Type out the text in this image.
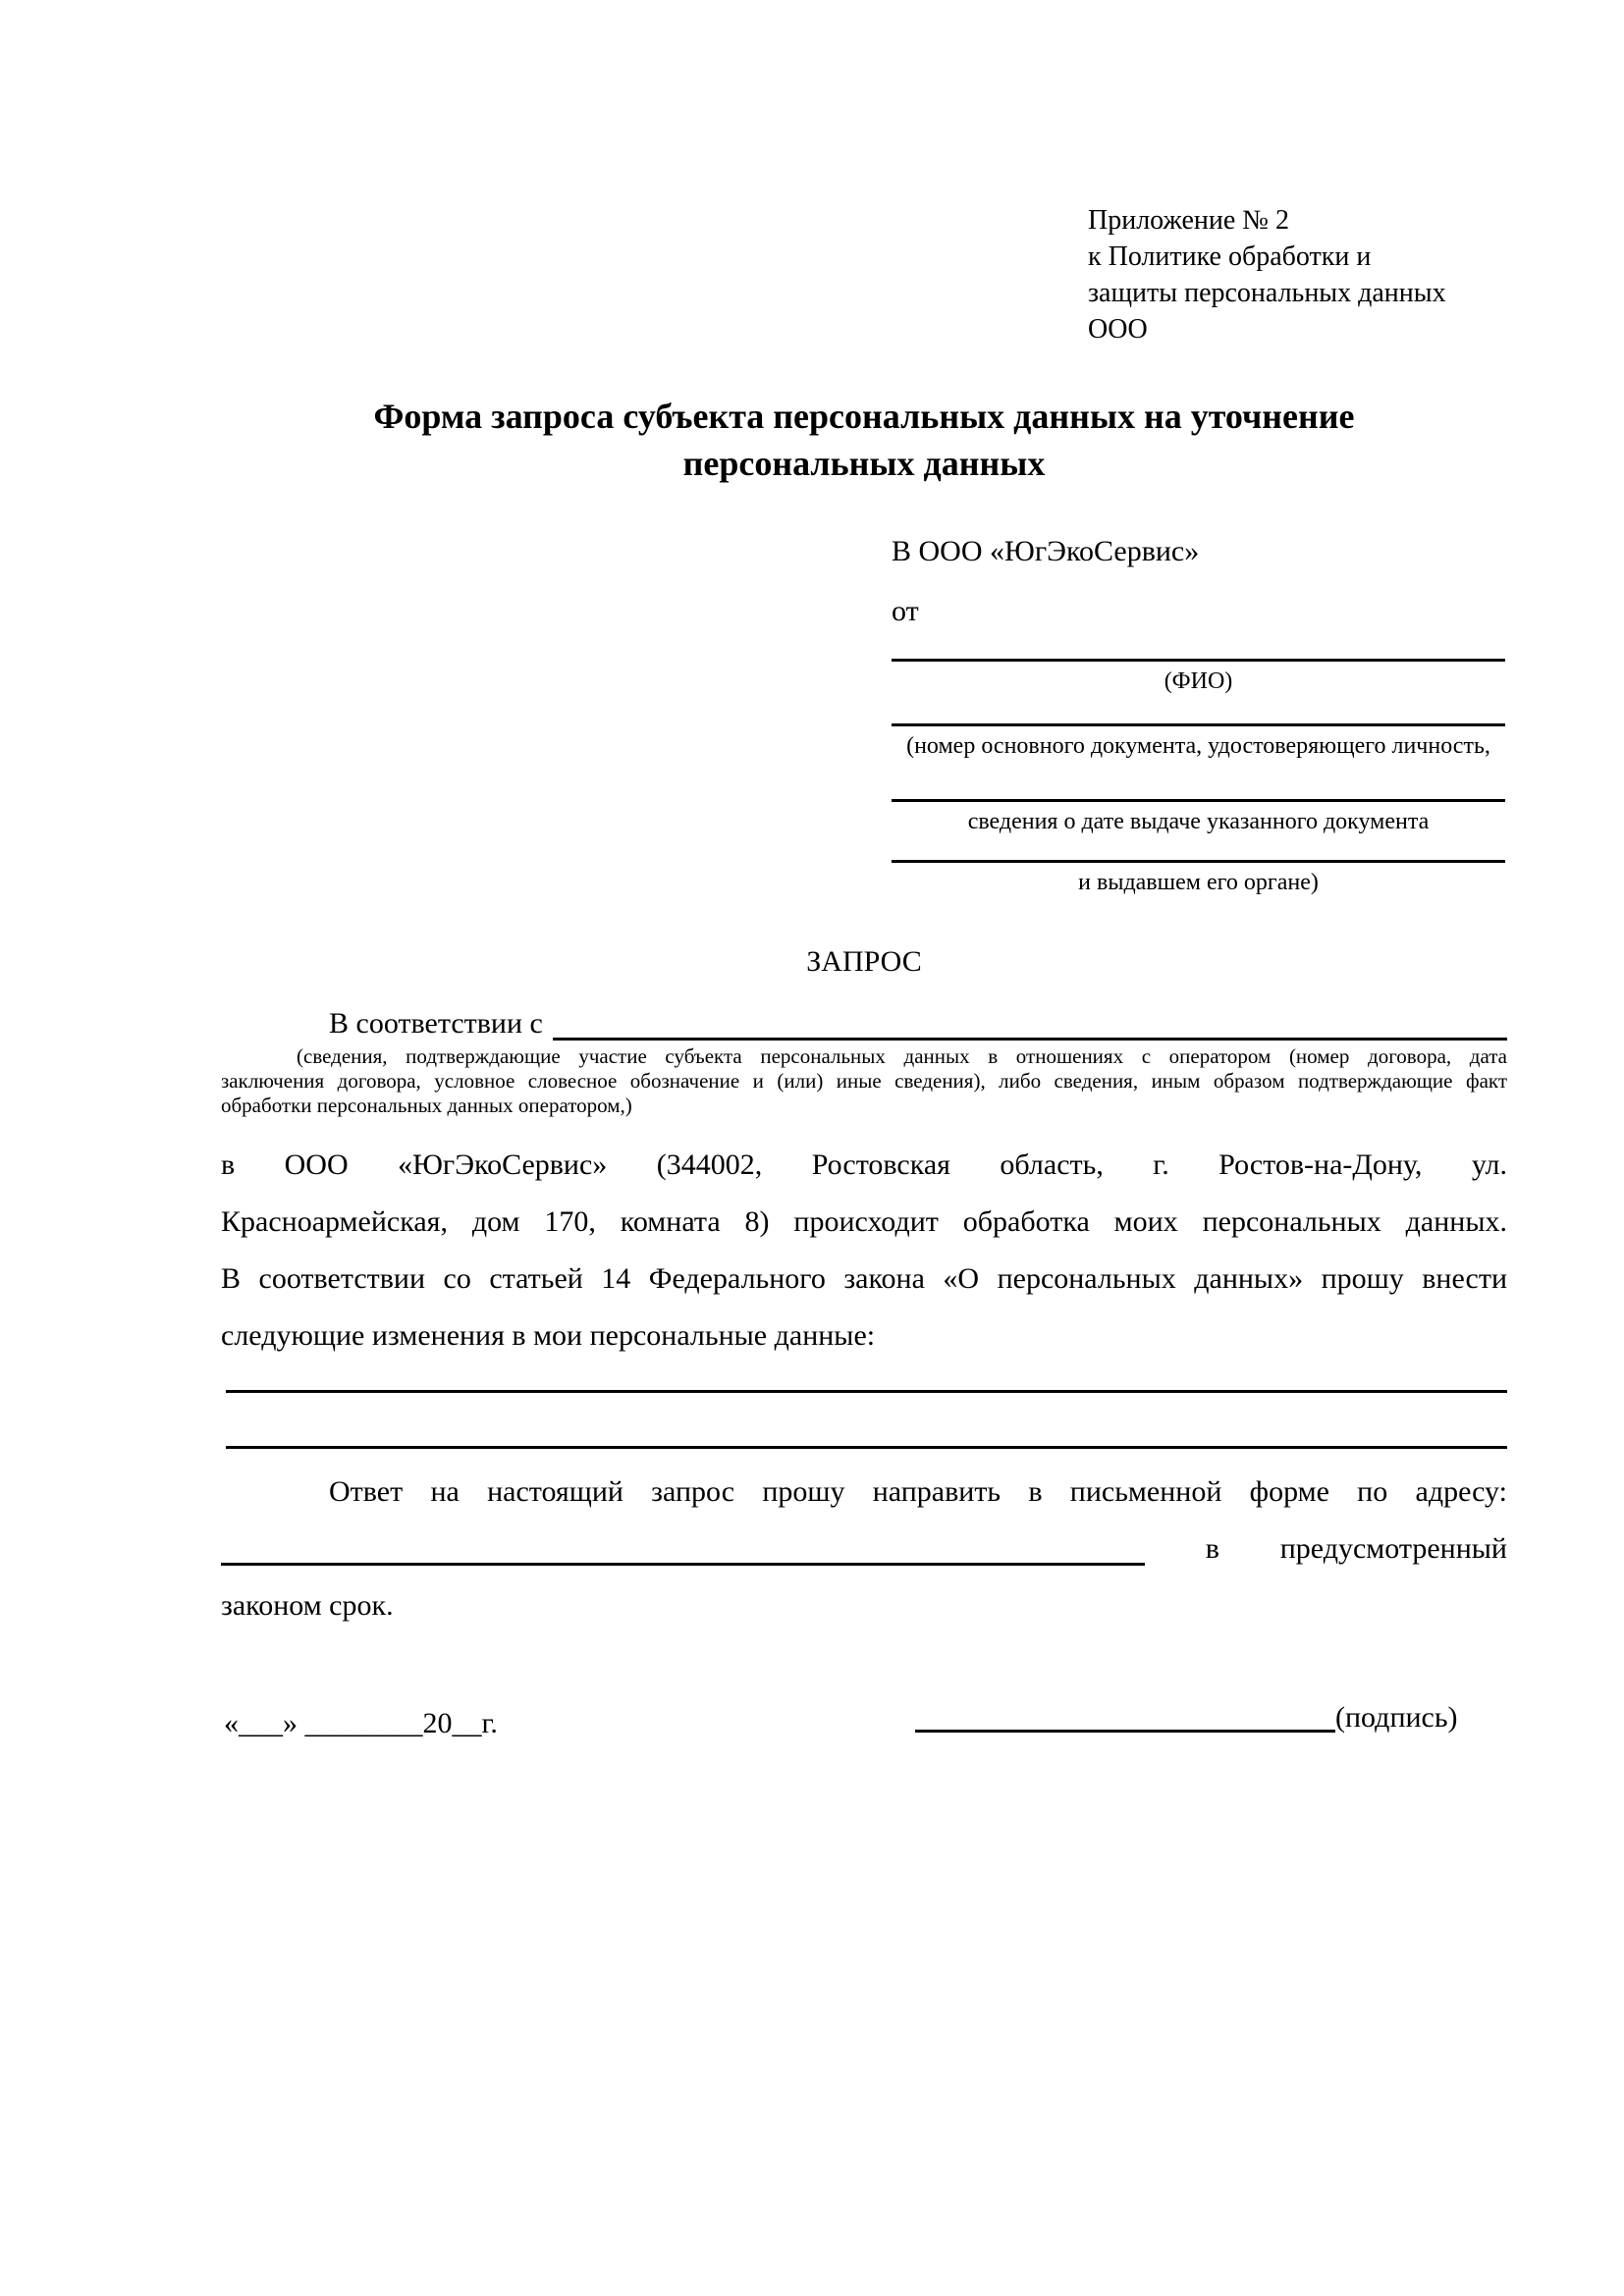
Приложение № 2
к Политике обработки и
защиты персональных данных
ООО
Форма запроса субъекта персональных данных на уточнение
персональных данных
В ООО «ЮгЭкоСервис»
от
(ФИО)
(номер основного документа, удостоверяющего личность,
сведения о дате выдаче указанного документа
и выдавшем его органе)
ЗАПРОС
В соответствии с
(сведения, подтверждающие участие субъекта персональных данных в отношениях с оператором (номер договора, дата
заключения договора, условное словесное обозначение и (или) иные сведения), либо сведения, иным образом подтверждающие факт
обработки персональных данных оператором,)
в ООО «ЮгЭкоСервис» (344002, Ростовская область, г. Ростов-на-Дону, ул.
Красноармейская, дом 170, комната 8) происходит обработка моих персональных данных.
В соответствии со статьей 14 Федерального закона «О персональных данных» прошу внести
следующие изменения в мои персональные данные:
Ответ на настоящий запрос прошу направить в письменной форме по адресу:
в предусмотренный
законом срок.
«___» ________20__г.	(подпись)
